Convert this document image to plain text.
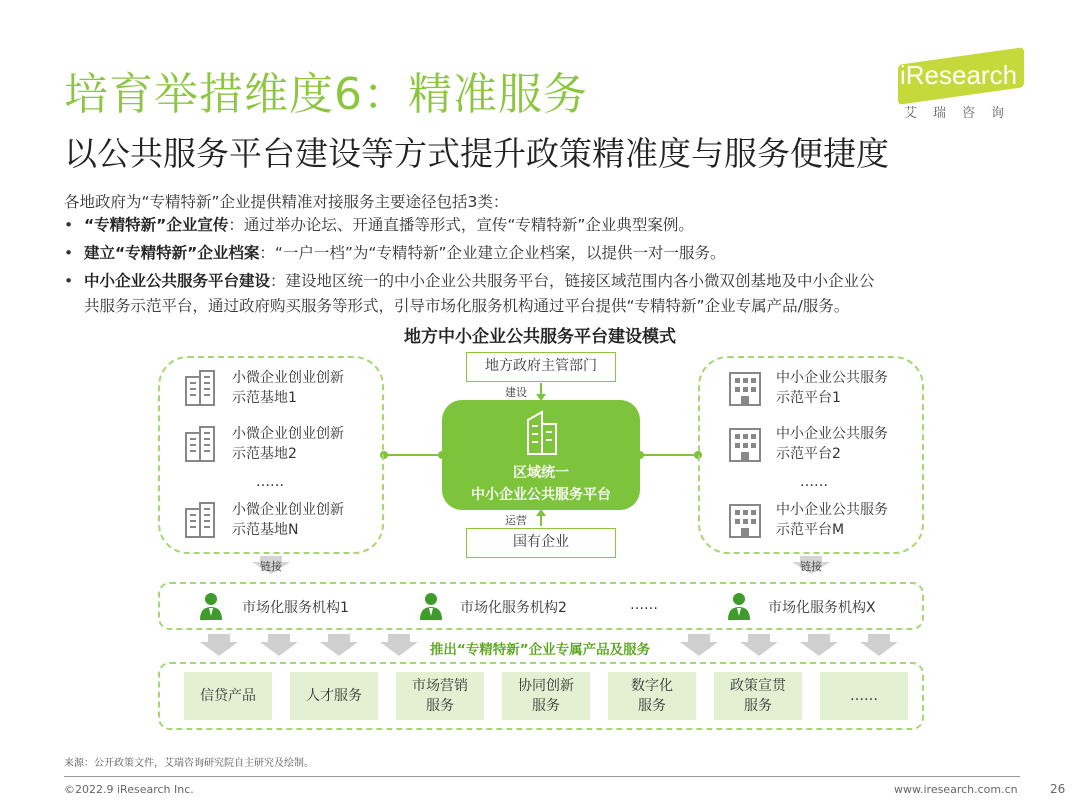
培育举措维度6：精准服务
以公共服务平台建设等方式提升政策精准度与服务便捷度
iResearch
艾瑞咨询
各地政府为“专精特新”企业提供精准对接服务主要途径包括3类：
• “专精特新”企业宣传：通过举办论坛、开通直播等形式，宣传“专精特新”企业典型案例。
• 建立“专精特新”企业档案：“一户一档”为“专精特新”企业建立企业档案，以提供一对一服务。
• 中小企业公共服务平台建设：建设地区统一的中小企业公共服务平台，链接区域范围内各小微双创基地及中小企业公
共服务示范平台，通过政府购买服务等形式，引导市场化服务机构通过平台提供“专精特新”企业专属产品/服务。
地方中小企业公共服务平台建设模式
小微企业创业创新
示范基地1
小微企业创业创新
示范基地2
……
小微企业创业创新
示范基地N
中小企业公共服务
示范平台1
中小企业公共服务
示范平台2
……
中小企业公共服务
示范平台M
地方政府主管部门
建设
区域统一
中小企业公共服务平台
运营
国有企业
链接	链接
市场化服务机构1	市场化服务机构2	……	市场化服务机构X
推出“专精特新”企业专属产品及服务
信贷产品	人才服务
市场营销
服务
协同创新
服务
数字化
服务
政策宣贯
服务
……
来源：公开政策文件，艾瑞咨询研究院自主研究及绘制。
©2022.9 iResearch Inc.	www.iresearch.com.cn	26
